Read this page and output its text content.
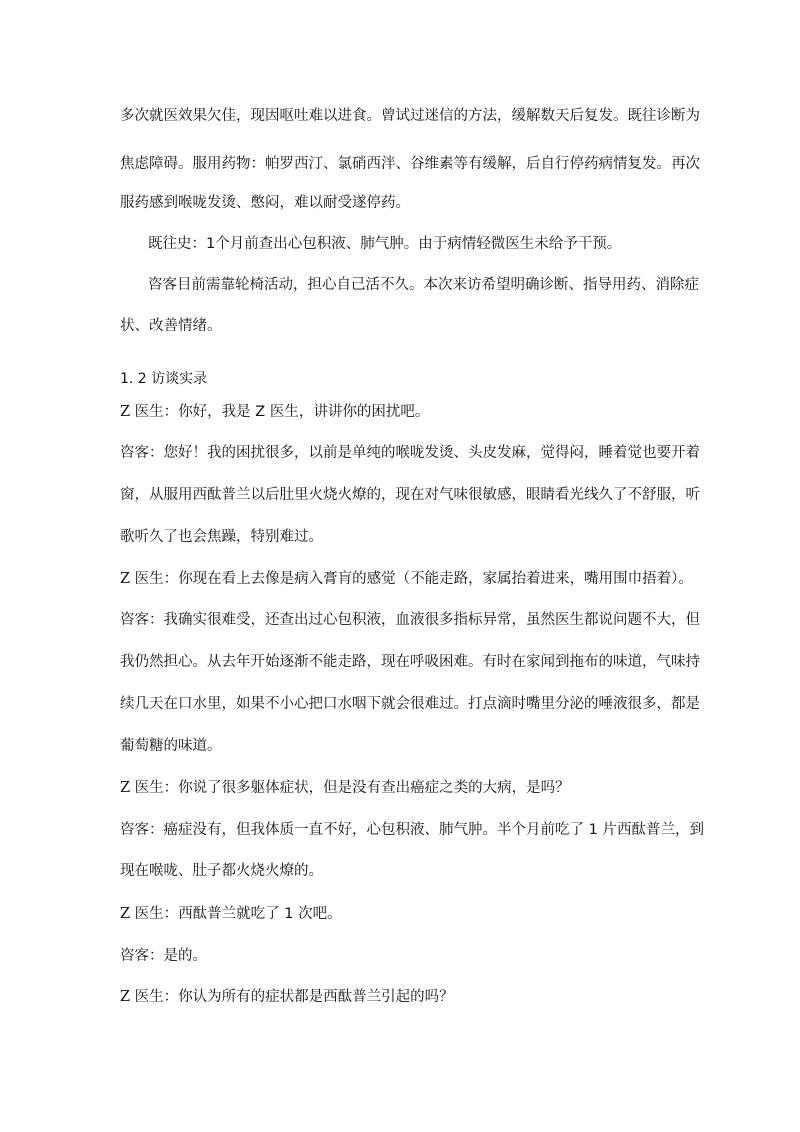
多次就医效果欠佳，现因呕吐难以进食。曾试过迷信的方法，缓解数天后复发。既往诊断为
焦虑障碍。服用药物：帕罗西汀、氯硝西泮、谷维素等有缓解，后自行停药病情复发。再次
服药感到喉咙发烫、憋闷，难以耐受遂停药。
既往史：1个月前查出心包积液、肺气肿。由于病情轻微医生未给予干预。
咨客目前需靠轮椅活动，担心自己活不久。本次来访希望明确诊断、指导用药、消除症
状、改善情绪。
1. 2 访谈实录
Z 医生：你好，我是 Z 医生，讲讲你的困扰吧。
咨客：您好！我的困扰很多，以前是单纯的喉咙发烫、头皮发麻，觉得闷，睡着觉也要开着
窗，从服用西酞普兰以后肚里火烧火燎的，现在对气味很敏感，眼睛看光线久了不舒服，听
歌听久了也会焦躁，特别难过。
Z 医生：你现在看上去像是病入膏肓的感觉（不能走路，家属抬着进来，嘴用围巾捂着）。
咨客：我确实很难受，还查出过心包积液，血液很多指标异常，虽然医生都说问题不大，但
我仍然担心。从去年开始逐渐不能走路，现在呼吸困难。有时在家闻到拖布的味道，气味持
续几天在口水里，如果不小心把口水咽下就会很难过。打点滴时嘴里分泌的唾液很多，都是
葡萄糖的味道。
Z 医生：你说了很多躯体症状，但是没有查出癌症之类的大病，是吗？
咨客：癌症没有，但我体质一直不好，心包积液、肺气肿。半个月前吃了 1 片西酞普兰，到
现在喉咙、肚子都火烧火燎的。
Z 医生：西酞普兰就吃了 1 次吧。
咨客：是的。
Z 医生：你认为所有的症状都是西酞普兰引起的吗？
